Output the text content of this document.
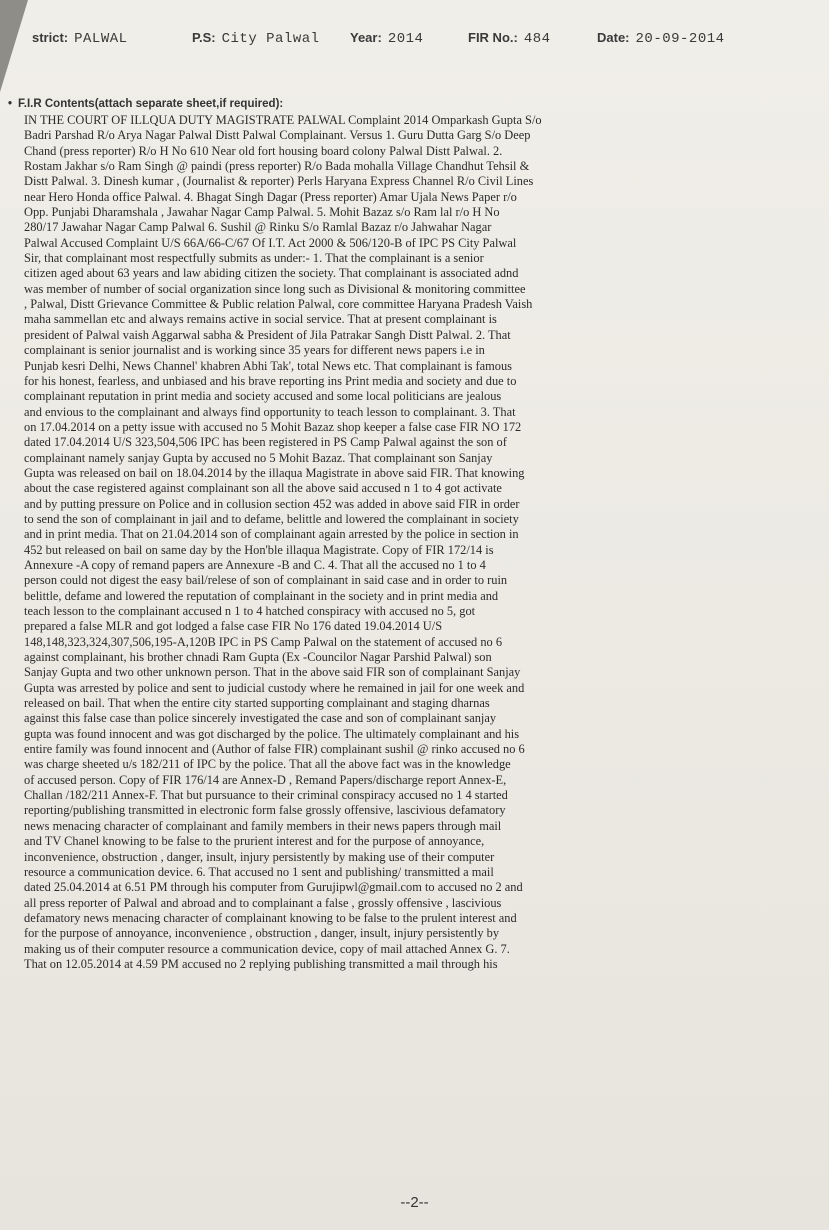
strict: PALWAL	P.S: City Palwal Year: 2014	FIR No.: 484	Date: 20-09-2014
• F.I.R Contents(attach separate sheet,if required):
IN THE COURT OF ILLQUA DUTY MAGISTRATE PALWAL Complaint 2014 Omparkash Gupta S/o
Badri Parshad R/o Arya Nagar Palwal Distt Palwal Complainant. Versus 1. Guru Dutta Garg S/o Deep
Chand (press reporter) R/o H No 610 Near old fort housing board colony Palwal Distt Palwal. 2.
Rostam Jakhar s/o Ram Singh @ paindi (press reporter) R/o Bada mohalla Village Chandhut Tehsil &
Distt Palwal. 3. Dinesh kumar , (Journalist & reporter) Perls Haryana Express Channel R/o Civil Lines
near Hero Honda office Palwal. 4. Bhagat Singh Dagar (Press reporter) Amar Ujala News Paper r/o
Opp. Punjabi Dharamshala , Jawahar Nagar Camp Palwal. 5. Mohit Bazaz s/o Ram lal r/o H No
280/17 Jawahar Nagar Camp Palwal 6. Sushil @ Rinku S/o Ramlal Bazaz r/o Jahwahar Nagar
Palwal Accused Complaint U/S 66A/66-C/67 Of I.T. Act 2000 & 506/120-B of IPC PS City Palwal
Sir, that complainant most respectfully submits as under:- 1. That the complainant is a senior
citizen aged about 63 years and law abiding citizen the society. That complainant is associated adnd
was member of number of social organization since long such as Divisional & monitoring committee
, Palwal, Distt Grievance Committee & Public relation Palwal, core committee Haryana Pradesh Vaish
maha sammellan etc and always remains active in social service. That at present complainant is
president of Palwal vaish Aggarwal sabha & President of Jila Patrakar Sangh Distt Palwal. 2. That
complainant is senior journalist and is working since 35 years for different news papers i.e in
Punjab kesri Delhi, News Channel' khabren Abhi Tak', total News etc. That complainant is famous
for his honest, fearless, and unbiased and his brave reporting ins Print media and society and due to
complainant reputation in print media and society accused and some local politicians are jealous
and envious to the complainant and always find opportunity to teach lesson to complainant. 3. That
on 17.04.2014 on a petty issue with accused no 5 Mohit Bazaz shop keeper a false case FIR NO 172
dated 17.04.2014 U/S 323,504,506 IPC has been registered in PS Camp Palwal against the son of
complainant namely sanjay Gupta by accused no 5 Mohit Bazaz. That complainant son Sanjay
Gupta was released on bail on 18.04.2014 by the illaqua Magistrate in above said FIR. That knowing
about the case registered against complainant son all the above said accused n 1 to 4 got activate
and by putting pressure on Police and in collusion section 452 was added in above said FIR in order
to send the son of complainant in jail and to defame, belittle and lowered the complainant in society
and in print media. That on 21.04.2014 son of complainant again arrested by the police in section in
452 but released on bail on same day by the Hon'ble illaqua Magistrate. Copy of FIR 172/14 is
Annexure -A copy of remand papers are Annexure -B and C. 4. That all the accused no 1 to 4
person could not digest the easy bail/relese of son of complainant in said case and in order to ruin
belittle, defame and lowered the reputation of complainant in the society and in print media and
teach lesson to the complainant accused n 1 to 4 hatched conspiracy with accused no 5, got
prepared a false MLR and got lodged a false case FIR No 176 dated 19.04.2014 U/S
148,148,323,324,307,506,195-A,120B IPC in PS Camp Palwal on the statement of accused no 6
against complainant, his brother chnadi Ram Gupta (Ex -Councilor Nagar Parshid Palwal) son
Sanjay Gupta and two other unknown person. That in the above said FIR son of complainant Sanjay
Gupta was arrested by police and sent to judicial custody where he remained in jail for one week and
released on bail. That when the entire city started supporting complainant and staging dharnas
against this false case than police sincerely investigated the case and son of complainant sanjay
gupta was found innocent and was got discharged by the police. The ultimately complainant and his
entire family was found innocent and (Author of false FIR) complainant sushil @ rinko accused no 6
was charge sheeted u/s 182/211 of IPC by the police. That all the above fact was in the knowledge
of accused person. Copy of FIR 176/14 are Annex-D , Remand Papers/discharge report Annex-E,
Challan /182/211 Annex-F. That but pursuance to their criminal conspiracy accused no 1 4 started
reporting/publishing transmitted in electronic form false grossly offensive, lascivious defamatory
news menacing character of complainant and family members in their news papers through mail
and TV Chanel knowing to be false to the prurient interest and for the purpose of annoyance,
inconvenience, obstruction , danger, insult, injury persistently by making use of their computer
resource a communication device. 6. That accused no 1 sent and publishing/ transmitted a mail
dated 25.04.2014 at 6.51 PM through his computer from Gurujipwl@gmail.com to accused no 2 and
all press reporter of Palwal and abroad and to complainant a false , grossly offensive , lascivious
defamatory news menacing character of complainant knowing to be false to the prulent interest and
for the purpose of annoyance, inconvenience , obstruction , danger, insult, injury persistently by
making us of their computer resource a communication device, copy of mail attached Annex G. 7.
That on 12.05.2014 at 4.59 PM accused no 2 replying publishing transmitted a mail through his
--2--
